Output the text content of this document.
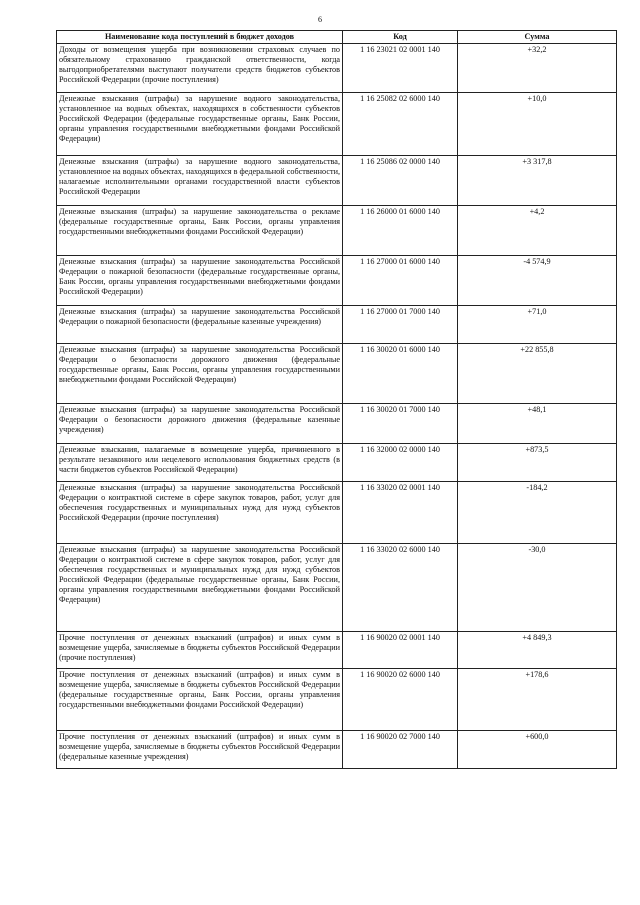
6
Наименование кода поступлений в бюджет доходов	Код	Сумма
Доходы от возмещения ущерба при возникновении страховых случаев по обязательному страхованию гражданской ответственности, когда выгодоприобретателями выступают получатели средств бюджетов субъектов Российской Федерации (прочие поступления)	1 16 23021 02 0001 140	+32,2
Денежные взыскания (штрафы) за нарушение водного законодательства, установленное на водных объектах, находящихся в собственности субъектов Российской Федерации (федеральные государственные органы, Банк России, органы управления государственными внебюджетными фондами Российской Федерации)	1 16 25082 02 6000 140	+10,0
Денежные взыскания (штрафы) за нарушение водного законодательства, установленное на водных объектах, находящихся в федеральной собственности, налагаемые исполнительными органами государственной власти субъектов Российской Федерации	1 16 25086 02 0000 140	+3 317,8
Денежные взыскания (штрафы) за нарушение законодательства о рекламе (федеральные государственные органы, Банк России, органы управления государственными внебюджетными фондами Российской Федерации)	1 16 26000 01 6000 140	+4,2
Денежные взыскания (штрафы) за нарушение законодательства Российской Федерации о пожарной безопасности (федеральные государственные органы, Банк России, органы управления государственными внебюджетными фондами Российской Федерации)	1 16 27000 01 6000 140	-4 574,9
Денежные взыскания (штрафы) за нарушение законодательства Российской Федерации о пожарной безопасности (федеральные казенные учреждения)	1 16 27000 01 7000 140	+71,0
Денежные взыскания (штрафы) за нарушение законодательства Российской Федерации о безопасности дорожного движения (федеральные государственные органы, Банк России, органы управления государственными внебюджетными фондами Российской Федерации)	1 16 30020 01 6000 140	+22 855,8
Денежные взыскания (штрафы) за нарушение законодательства Российской Федерации о безопасности дорожного движения (федеральные казенные учреждения)	1 16 30020 01 7000 140	+48,1
Денежные взыскания, налагаемые в возмещение ущерба, причиненного в результате незаконного или нецелевого использования бюджетных средств (в части бюджетов субъектов Российской Федерации)	1 16 32000 02 0000 140	+873,5
Денежные взыскания (штрафы) за нарушение законодательства Российской Федерации о контрактной системе в сфере закупок товаров, работ, услуг для обеспечения государственных и муниципальных нужд для нужд субъектов Российской Федерации (прочие поступления)	1 16 33020 02 0001 140	-184,2
Денежные взыскания (штрафы) за нарушение законодательства Российской Федерации о контрактной системе в сфере закупок товаров, работ, услуг для обеспечения государственных и муниципальных нужд для нужд субъектов Российской Федерации (федеральные государственные органы, Банк России, органы управления государственными внебюджетными фондами Российской Федерации)	1 16 33020 02 6000 140	-30,0
Прочие поступления от денежных взысканий (штрафов) и иных сумм в возмещение ущерба, зачисляемые в бюджеты субъектов Российской Федерации (прочие поступления)	1 16 90020 02 0001 140	+4 849,3
Прочие поступления от денежных взысканий (штрафов) и иных сумм в возмещение ущерба, зачисляемые в бюджеты субъектов Российской Федерации (федеральные государственные органы, Банк России, органы управления государственными внебюджетными фондами Российской Федерации)	1 16 90020 02 6000 140	+178,6
Прочие поступления от денежных взысканий (штрафов) и иных сумм в возмещение ущерба, зачисляемые в бюджеты субъектов Российской Федерации (федеральные казенные учреждения)	1 16 90020 02 7000 140	+600,0
